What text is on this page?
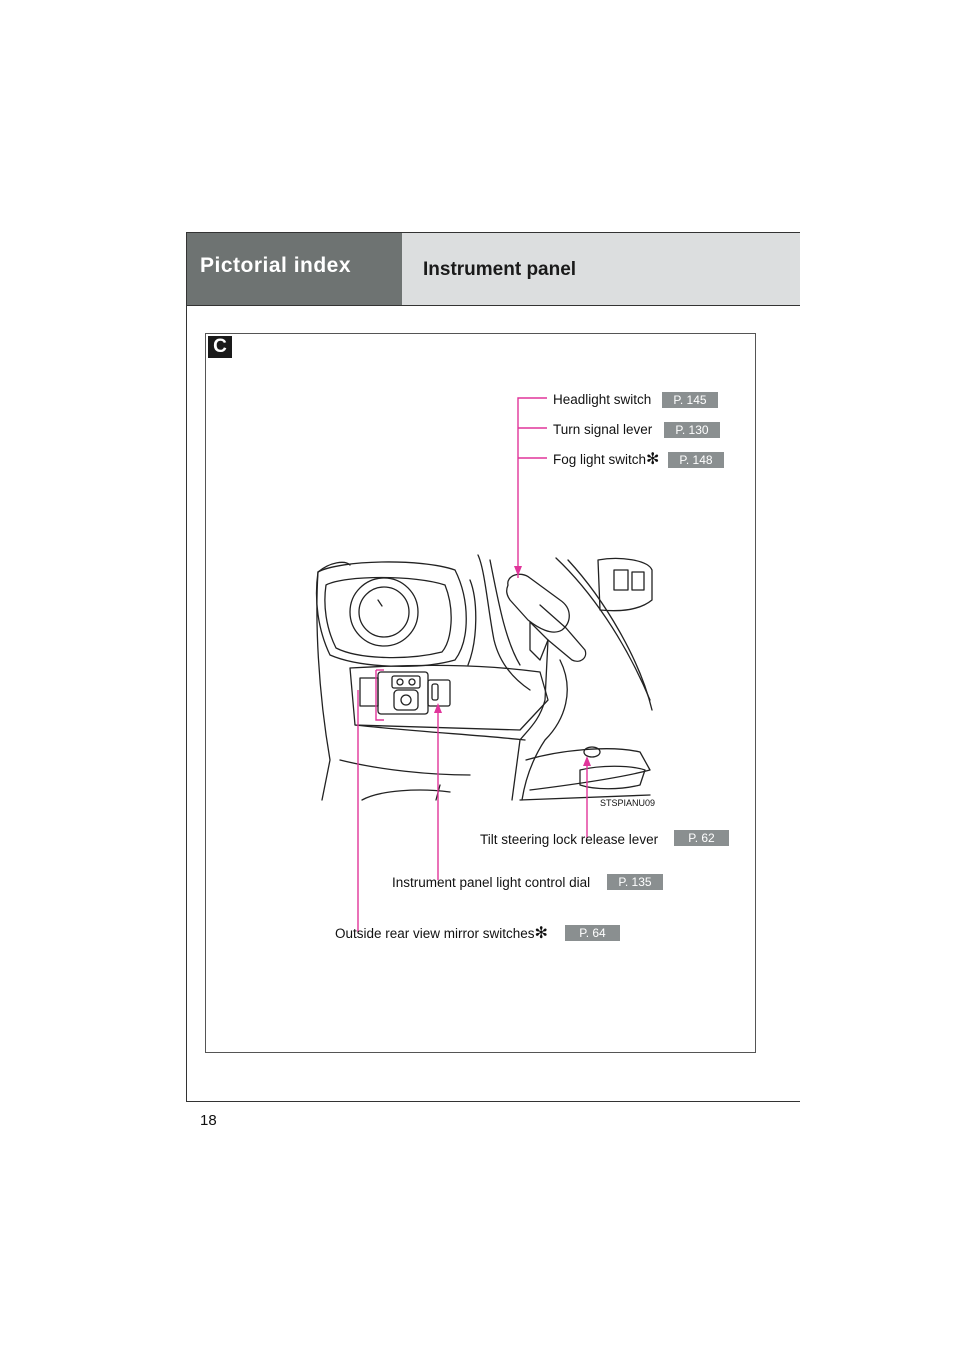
Pictorial index	Instrument panel
C
Headlight switch	P. 145
Turn signal lever	P. 130
Fog light switch✻	P. 148
STSPIANU09
Tilt steering lock release lever	P. 62
Instrument panel light control dial	P. 135
Outside rear view mirror switches✻	P. 64
18
